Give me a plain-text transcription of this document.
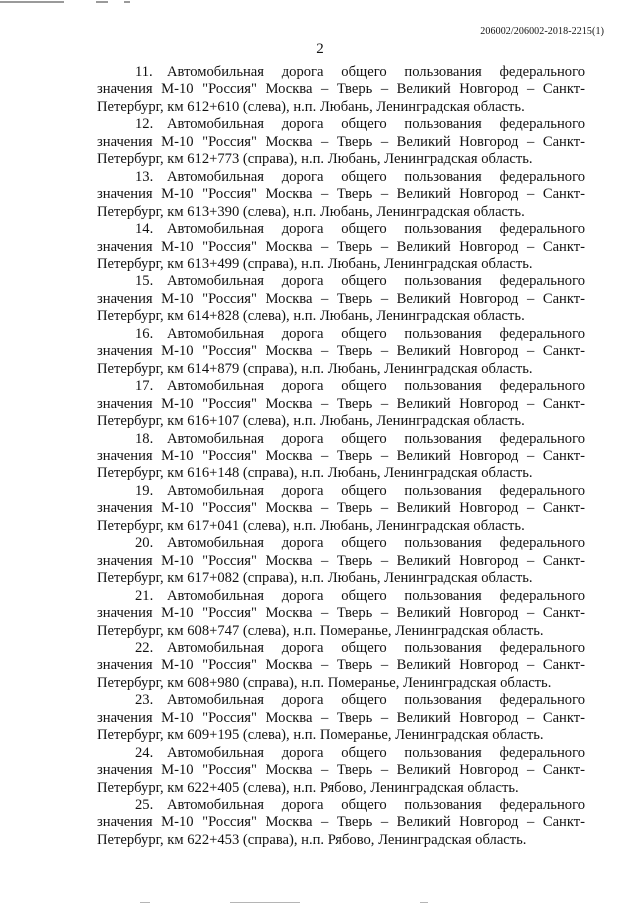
206002/206002-2018-2215(1)
2

11. Автомобильная дорога общего пользования федерального значения М-10 "Россия" Москва – Тверь – Великий Новгород – Санкт-Петербург, км 612+610 (слева), н.п. Любань, Ленинградская область.

12. Автомобильная дорога общего пользования федерального значения М-10 "Россия" Москва – Тверь – Великий Новгород – Санкт-Петербург, км 612+773 (справа), н.п. Любань, Ленинградская область.

13. Автомобильная дорога общего пользования федерального значения М-10 "Россия" Москва – Тверь – Великий Новгород – Санкт-Петербург, км 613+390 (слева), н.п. Любань, Ленинградская область.

14. Автомобильная дорога общего пользования федерального значения М-10 "Россия" Москва – Тверь – Великий Новгород – Санкт-Петербург, км 613+499 (справа), н.п. Любань, Ленинградская область.

15. Автомобильная дорога общего пользования федерального значения М-10 "Россия" Москва – Тверь – Великий Новгород – Санкт-Петербург, км 614+828 (слева), н.п. Любань, Ленинградская область.

16. Автомобильная дорога общего пользования федерального значения М-10 "Россия" Москва – Тверь – Великий Новгород – Санкт-Петербург, км 614+879 (справа), н.п. Любань, Ленинградская область.

17. Автомобильная дорога общего пользования федерального значения М-10 "Россия" Москва – Тверь – Великий Новгород – Санкт-Петербург, км 616+107 (слева), н.п. Любань, Ленинградская область.

18. Автомобильная дорога общего пользования федерального значения М-10 "Россия" Москва – Тверь – Великий Новгород – Санкт-Петербург, км 616+148 (справа), н.п. Любань, Ленинградская область.

19. Автомобильная дорога общего пользования федерального значения М-10 "Россия" Москва – Тверь – Великий Новгород – Санкт-Петербург, км 617+041 (слева), н.п. Любань, Ленинградская область.

20. Автомобильная дорога общего пользования федерального значения М-10 "Россия" Москва – Тверь – Великий Новгород – Санкт-Петербург, км 617+082 (справа), н.п. Любань, Ленинградская область.

21. Автомобильная дорога общего пользования федерального значения М-10 "Россия" Москва – Тверь – Великий Новгород – Санкт-Петербург, км 608+747 (слева), н.п. Померанье, Ленинградская область.

22. Автомобильная дорога общего пользования федерального значения М-10 "Россия" Москва – Тверь – Великий Новгород – Санкт-Петербург, км 608+980 (справа), н.п. Померанье, Ленинградская область.

23. Автомобильная дорога общего пользования федерального значения М-10 "Россия" Москва – Тверь – Великий Новгород – Санкт-Петербург, км 609+195 (слева), н.п. Померанье, Ленинградская область.

24. Автомобильная дорога общего пользования федерального значения М-10 "Россия" Москва – Тверь – Великий Новгород – Санкт-Петербург, км 622+405 (слева), н.п. Рябово, Ленинградская область.

25. Автомобильная дорога общего пользования федерального значения М-10 "Россия" Москва – Тверь – Великий Новгород – Санкт-Петербург, км 622+453 (справа), н.п. Рябово, Ленинградская область.
